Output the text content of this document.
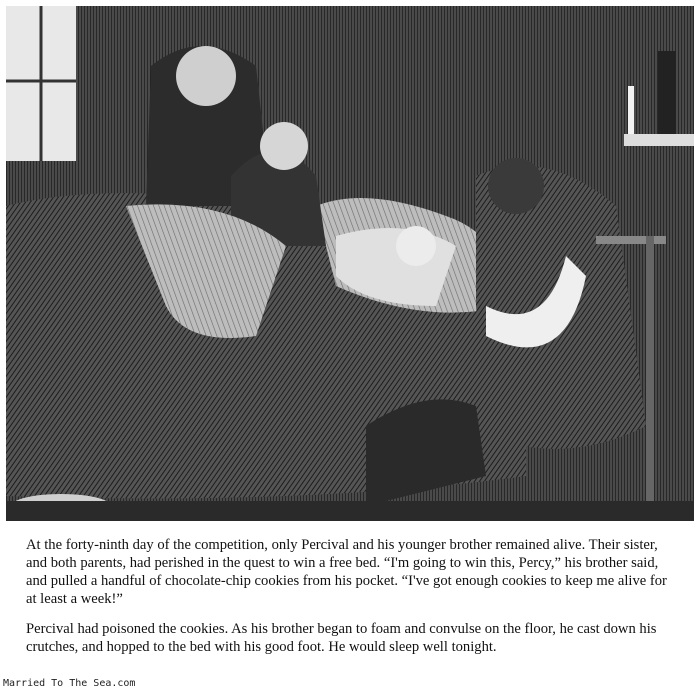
At the forty-ninth day of the competition, only Percival and his younger brother remained alive. Their sister, and both parents, had perished in the quest to win a free bed. “I'm going to win this, Percy,” his brother said, and pulled a handful of chocolate-chip cookies from his pocket. “I've got enough cookies to keep me alive for at least a week!”

Percival had poisoned the cookies. As his brother began to foam and convulse on the floor, he cast down his crutches, and hopped to the bed with his good foot. He would sleep well tonight.

Married To The Sea.com
